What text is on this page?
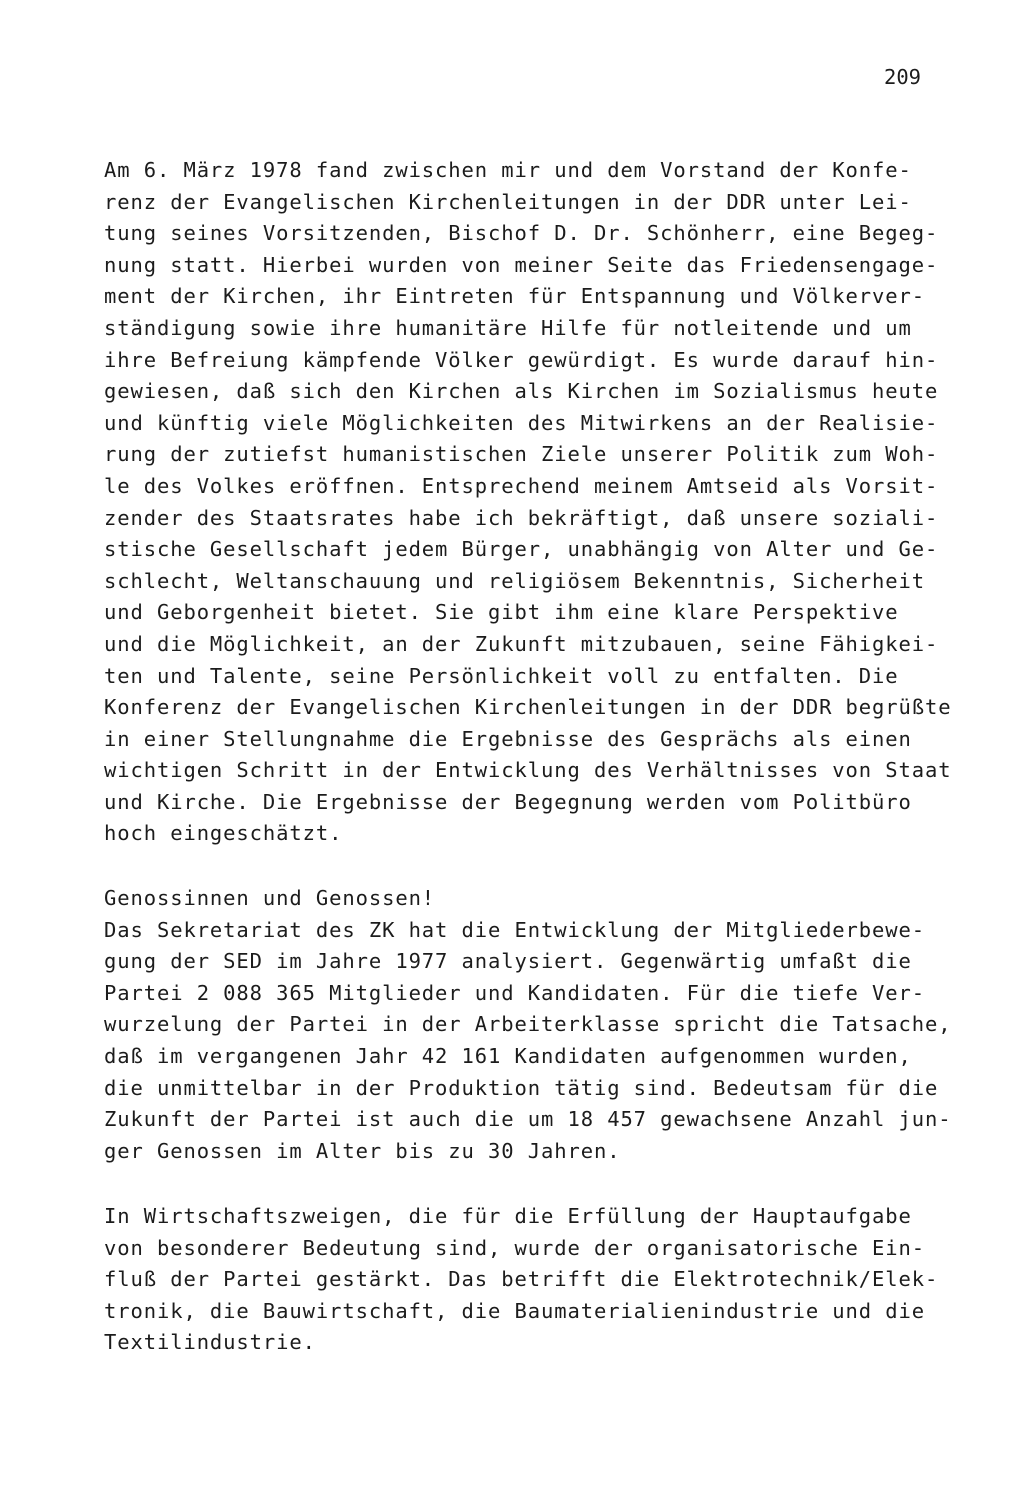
209
Am 6. März 1978 fand zwischen mir und dem Vorstand der Konfe-
renz der Evangelischen Kirchenleitungen in der DDR unter Lei-
tung seines Vorsitzenden, Bischof D. Dr. Schönherr, eine Begeg-
nung statt. Hierbei wurden von meiner Seite das Friedensengage-
ment der Kirchen, ihr Eintreten für Entspannung und Völkerver-
ständigung sowie ihre humanitäre Hilfe für notleitende und um
ihre Befreiung kämpfende Völker gewürdigt. Es wurde darauf hin-
gewiesen, daß sich den Kirchen als Kirchen im Sozialismus heute
und künftig viele Möglichkeiten des Mitwirkens an der Realisie-
rung der zutiefst humanistischen Ziele unserer Politik zum Woh-
le des Volkes eröffnen. Entsprechend meinem Amtseid als Vorsit-
zender des Staatsrates habe ich bekräftigt, daß unsere soziali-
stische Gesellschaft jedem Bürger, unabhängig von Alter und Ge-
schlecht, Weltanschauung und religiösem Bekenntnis, Sicherheit
und Geborgenheit bietet. Sie gibt ihm eine klare Perspektive
und die Möglichkeit, an der Zukunft mitzubauen, seine Fähigkei-
ten und Talente, seine Persönlichkeit voll zu entfalten. Die
Konferenz der Evangelischen Kirchenleitungen in der DDR begrüßte
in einer Stellungnahme die Ergebnisse des Gesprächs als einen
wichtigen Schritt in der Entwicklung des Verhältnisses von Staat
und Kirche. Die Ergebnisse der Begegnung werden vom Politbüro
hoch eingeschätzt.
Genossinnen und Genossen!
Das Sekretariat des ZK hat die Entwicklung der Mitgliederbewe-
gung der SED im Jahre 1977 analysiert. Gegenwärtig umfaßt die
Partei 2 088 365 Mitglieder und Kandidaten. Für die tiefe Ver-
wurzelung der Partei in der Arbeiterklasse spricht die Tatsache,
daß im vergangenen Jahr 42 161 Kandidaten aufgenommen wurden,
die unmittelbar in der Produktion tätig sind. Bedeutsam für die
Zukunft der Partei ist auch die um 18 457 gewachsene Anzahl jun-
ger Genossen im Alter bis zu 30 Jahren.
In Wirtschaftszweigen, die für die Erfüllung der Hauptaufgabe
von besonderer Bedeutung sind, wurde der organisatorische Ein-
fluß der Partei gestärkt. Das betrifft die Elektrotechnik/Elek-
tronik, die Bauwirtschaft, die Baumaterialienindustrie und die
Textilindustrie.
